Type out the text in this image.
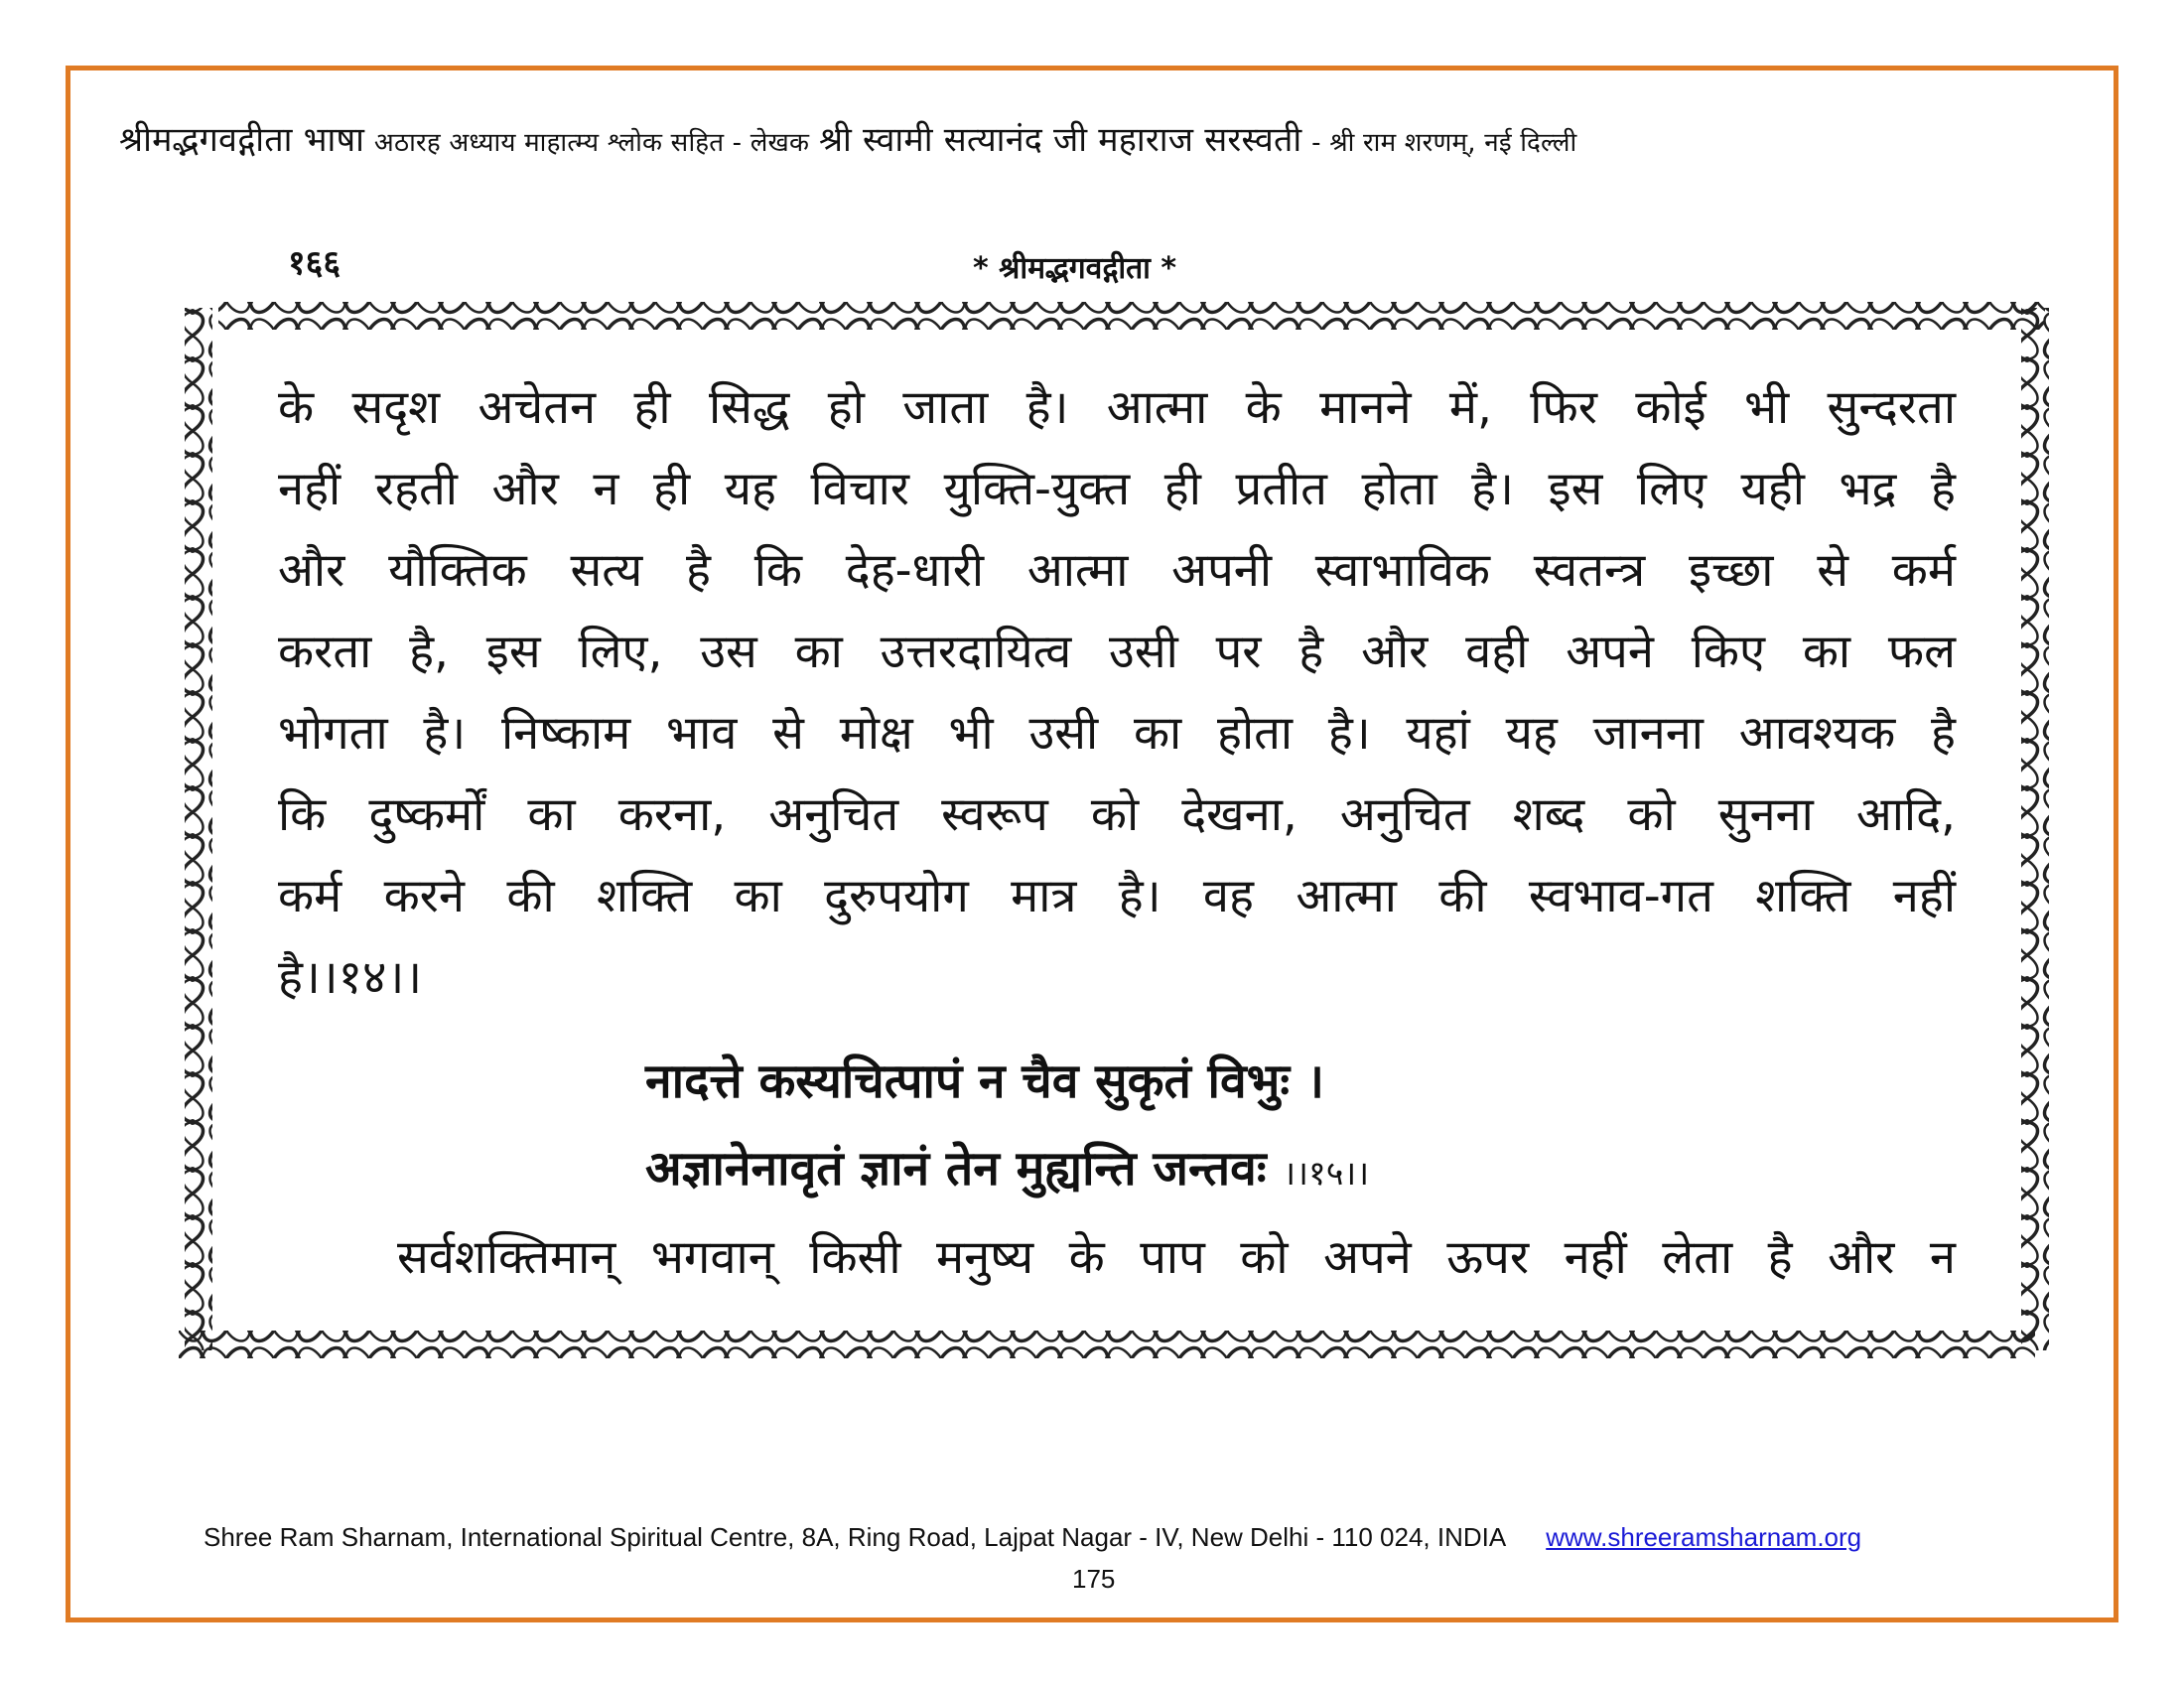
श्रीमद्भगवद्गीता भाषा अठारह अध्याय माहात्म्य श्लोक सहित - लेखक श्री स्वामी सत्यानंद जी महाराज सरस्वती - श्री राम शरणम्, नई दिल्ली
१६६	* श्रीमद्भगवद्गीता *
के सदृश अचेतन ही सिद्ध हो जाता है। आत्मा के मानने में, फिर कोई भी सुन्दरता
नहीं रहती और न ही यह विचार युक्ति-युक्त ही प्रतीत होता है। इस लिए यही भद्र है
और यौक्तिक सत्य है कि देह-धारी आत्मा अपनी स्वाभाविक स्वतन्त्र इच्छा से कर्म
करता है, इस लिए, उस का उत्तरदायित्व उसी पर है और वही अपने किए का फल
भोगता है। निष्काम भाव से मोक्ष भी उसी का होता है। यहां यह जानना आवश्यक है
कि दुष्कर्मों का करना, अनुचित स्वरूप को देखना, अनुचित शब्द को सुनना आदि,
कर्म करने की शक्ति का दुरुपयोग मात्र है। वह आत्मा की स्वभाव-गत शक्ति नहीं
है।।१४।।
नादत्ते कस्यचित्पापं न चैव सुकृतं विभुः ।
अज्ञानेनावृतं ज्ञानं तेन मुह्यन्ति जन्तवः ।।१५।।
सर्वशक्तिमान् भगवान् किसी मनुष्य के पाप को अपने ऊपर नहीं लेता है और न
Shree Ram Sharnam, International Spiritual Centre, 8A, Ring Road, Lajpat Nagar - IV, New Delhi - 110 024, INDIA www.shreeramsharnam.org
175
